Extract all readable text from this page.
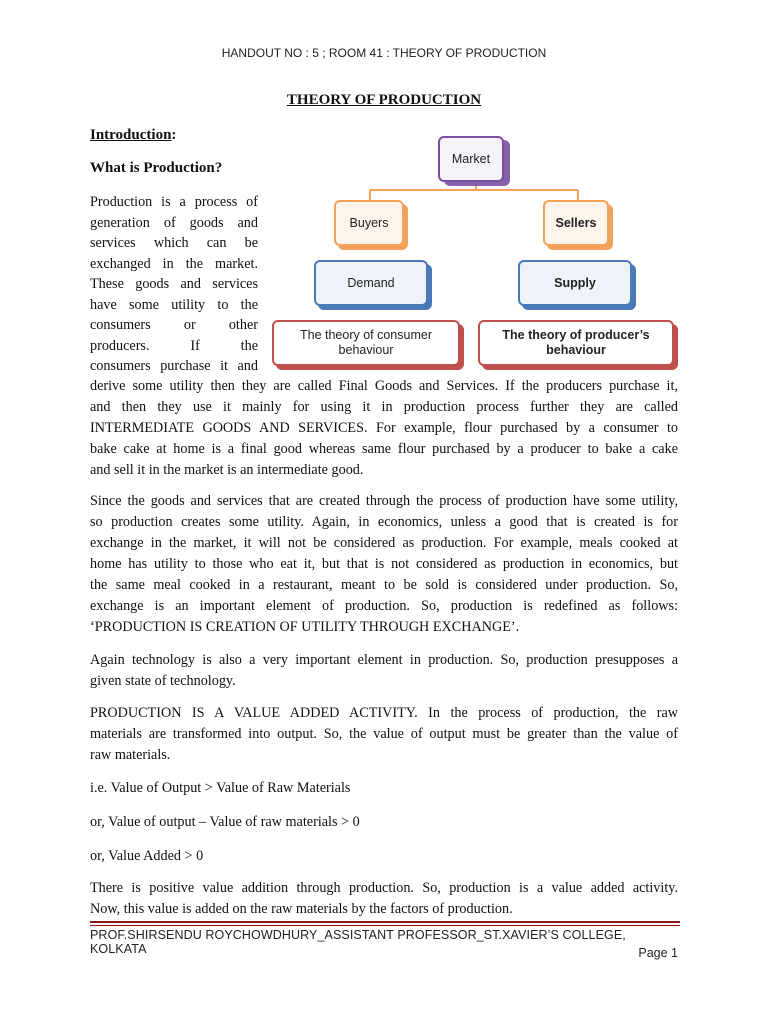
HANDOUT NO : 5 ; ROOM 41 : THEORY OF PRODUCTION
THEORY OF PRODUCTION
Introduction:
What is Production?

Production is a process of
generation of goods and
services which can be
exchanged in the market.
These goods and services
have some utility to the
consumers or other
producers. If the
consumers purchase it and

Market
Buyers	Sellers
Demand	Supply
The theory of consumer behaviour
The theory of producer’s behaviour

derive some utility then they are called Final Goods and Services. If the producers purchase it,
and then they use it mainly for using it in production process further they are called
INTERMEDIATE GOODS AND SERVICES. For example, flour purchased by a consumer to
bake cake at home is a final good whereas same flour purchased by a producer to bake a cake
and sell it in the market is an intermediate good.

Since the goods and services that are created through the process of production have some utility,
so production creates some utility. Again, in economics, unless a good that is created is for
exchange in the market, it will not be considered as production. For example, meals cooked at
home has utility to those who eat it, but that is not considered as production in economics, but
the same meal cooked in a restaurant, meant to be sold is considered under production. So,
exchange is an important element of production. So, production is redefined as follows:
‘PRODUCTION IS CREATION OF UTILITY THROUGH EXCHANGE’.

Again technology is also a very important element in production. So, production presupposes a
given state of technology.

PRODUCTION IS A VALUE ADDED ACTIVITY. In the process of production, the raw
materials are transformed into output. So, the value of output must be greater than the value of
raw materials.

i.e. Value of Output > Value of Raw Materials

or, Value of output – Value of raw materials > 0

or, Value Added > 0

There is positive value addition through production. So, production is a value added activity.
Now, this value is added on the raw materials by the factors of production.

PROF.SHIRSENDU ROYCHOWDHURY_ASSISTANT PROFESSOR_ST.XAVIER’S COLLEGE, KOLKATA	Page 1
